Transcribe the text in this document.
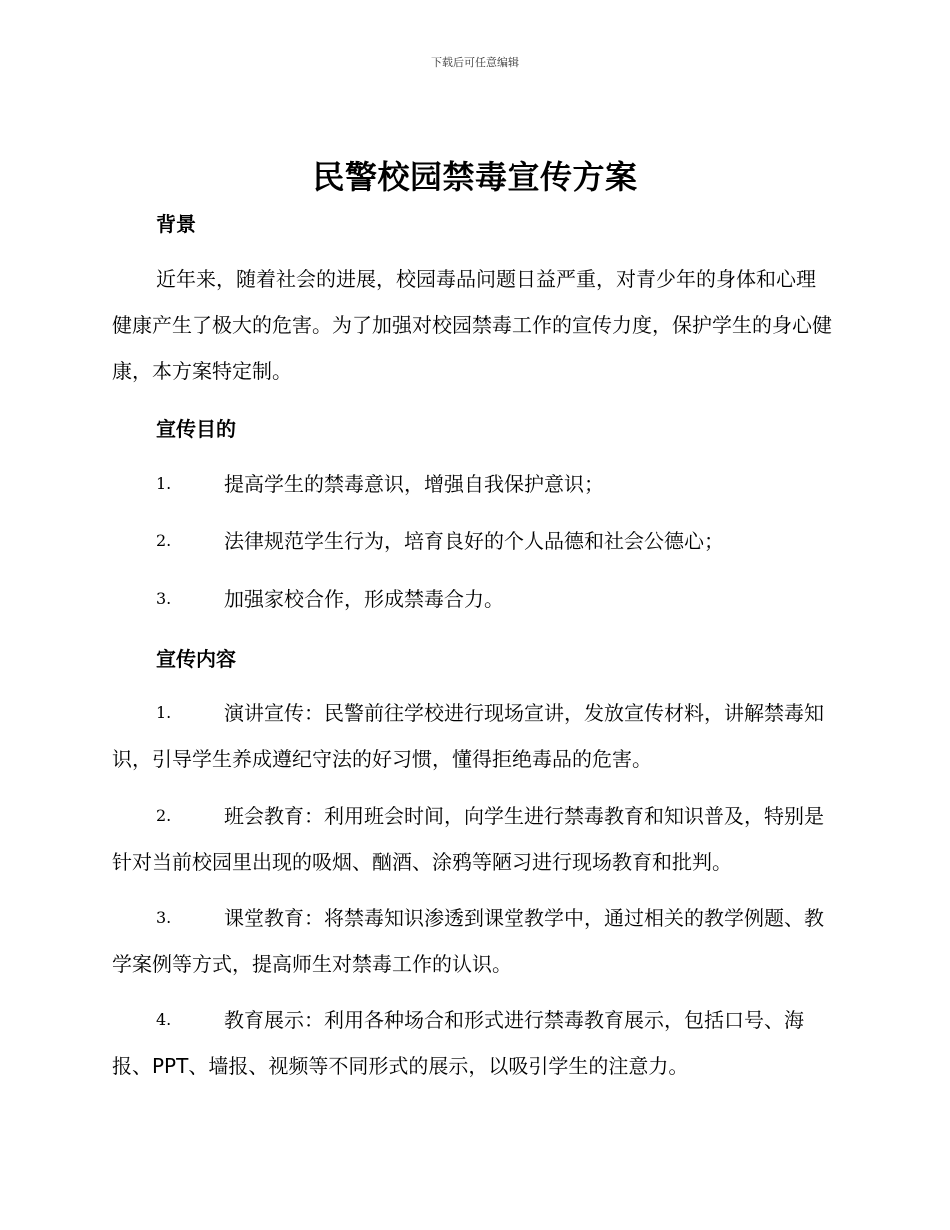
下载后可任意编辑
民警校园禁毒宣传方案
背景
近年来，随着社会的进展，校园毒品问题日益严重，对青少年的身体和心理健康产生了极大的危害。为了加强对校园禁毒工作的宣传力度，保护学生的身心健康，本方案特定制。
宣传目的
1.	提高学生的禁毒意识，增强自我保护意识；
2.	法律规范学生行为，培育良好的个人品德和社会公德心；
3.	加强家校合作，形成禁毒合力。
宣传内容
1.	演讲宣传：民警前往学校进行现场宣讲，发放宣传材料，讲解禁毒知识，引导学生养成遵纪守法的好习惯，懂得拒绝毒品的危害。
2.	班会教育：利用班会时间，向学生进行禁毒教育和知识普及，特别是针对当前校园里出现的吸烟、酗酒、涂鸦等陋习进行现场教育和批判。
3.	课堂教育：将禁毒知识渗透到课堂教学中，通过相关的教学例题、教学案例等方式，提高师生对禁毒工作的认识。
4.	教育展示：利用各种场合和形式进行禁毒教育展示，包括口号、海报、PPT、墙报、视频等不同形式的展示，以吸引学生的注意力。
